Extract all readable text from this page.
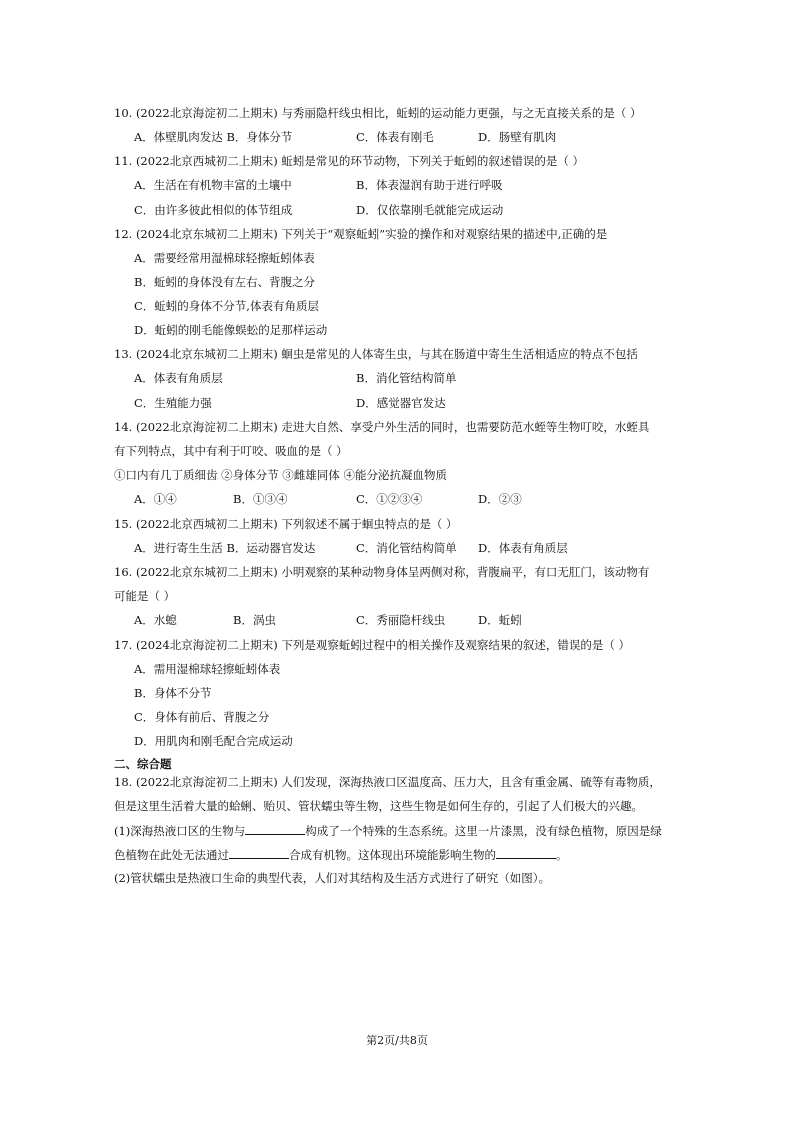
10. (2022北京海淀初二上期末) 与秀丽隐杆线虫相比，蚯蚓的运动能力更强，与之无直接关系的是（ ）
A．体壁肌肉发达 B．身体分节	C．体表有刚毛	D．肠壁有肌肉
11. (2022北京西城初二上期末) 蚯蚓是常见的环节动物，下列关于蚯蚓的叙述错误的是（ ）
A．生活在有机物丰富的土壤中	B．体表湿润有助于进行呼吸
C．由许多彼此相似的体节组成	D．仅依靠刚毛就能完成运动
12. (2024北京东城初二上期末) 下列关于“观察蚯蚓”实验的操作和对观察结果的描述中,正确的是
A．需要经常用湿棉球轻擦蚯蚓体表
B．蚯蚓的身体没有左右、背腹之分
C．蚯蚓的身体不分节,体表有角质层
D．蚯蚓的刚毛能像蜈蚣的足那样运动
13. (2024北京东城初二上期末) 蛔虫是常见的人体寄生虫，与其在肠道中寄生生活相适应的特点不包括
A．体表有角质层	B．消化管结构简单
C．生殖能力强	D．感觉器官发达
14. (2022北京海淀初二上期末) 走进大自然、享受户外生活的同时，也需要防范水蛭等生物叮咬，水蛭具
有下列特点，其中有利于叮咬、吸血的是（ ）
①口内有几丁质细齿 ②身体分节 ③雌雄同体 ④能分泌抗凝血物质
A．①④	B．①③④	C．①②③④	D．②③
15. (2022北京西城初二上期末) 下列叙述不属于蛔虫特点的是（ ）
A．进行寄生生活 B．运动器官发达	C．消化管结构简单 D．体表有角质层
16. (2022北京东城初二上期末) 小明观察的某种动物身体呈两侧对称，背腹扁平，有口无肛门，该动物有
可能是（ ）
A．水螅	B．涡虫	C．秀丽隐杆线虫	D．蚯蚓
17. (2024北京海淀初二上期末) 下列是观察蚯蚓过程中的相关操作及观察结果的叙述，错误的是（ ）
A．需用湿棉球轻擦蚯蚓体表
B．身体不分节
C．身体有前后、背腹之分
D．用肌肉和刚毛配合完成运动
二、综合题
18. (2022北京海淀初二上期末) 人们发现，深海热液口区温度高、压力大，且含有重金属、硫等有毒物质，
但是这里生活着大量的蛤蜊、贻贝、管状蠕虫等生物，这些生物是如何生存的，引起了人们极大的兴趣。
(1)深海热液口区的生物与	构成了一个特殊的生态系统。这里一片漆黑，没有绿色植物，原因是绿
色植物在此处无法通过	合成有机物。这体现出环境能影响生物的	。
(2)管状蠕虫是热液口生命的典型代表，人们对其结构及生活方式进行了研究（如图）。
第2页/共8页
